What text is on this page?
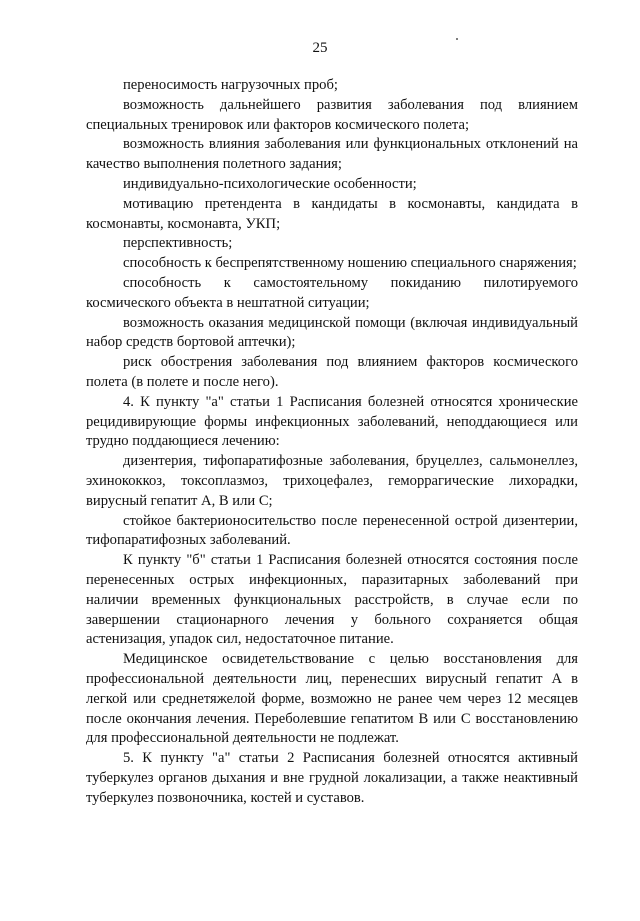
25

переносимость нагрузочных проб;

возможность дальнейшего развития заболевания под влиянием специальных тренировок или факторов космического полета;

возможность влияния заболевания или функциональных отклонений на качество выполнения полетного задания;

индивидуально-психологические особенности;

мотивацию претендента в кандидаты в космонавты, кандидата в космонавты, космонавта, УКП;

перспективность;

способность к беспрепятственному ношению специального снаряжения;

способность к самостоятельному покиданию пилотируемого космического объекта в нештатной ситуации;

возможность оказания медицинской помощи (включая индивидуальный набор средств бортовой аптечки);

риск обострения заболевания под влиянием факторов космического полета (в полете и после него).

4. К пункту "а" статьи 1 Расписания болезней относятся хронические рецидивирующие формы инфекционных заболеваний, неподдающиеся или трудно поддающиеся лечению:

дизентерия, тифопаратифозные заболевания, бруцеллез, сальмонеллез, эхинококкоз, токсоплазмоз, трихоцефалез, геморрагические лихорадки, вирусный гепатит А, В или С;

стойкое бактерионосительство после перенесенной острой дизентерии, тифопаратифозных заболеваний.

К пункту "б" статьи 1 Расписания болезней относятся состояния после перенесенных острых инфекционных, паразитарных заболеваний при наличии временных функциональных расстройств, в случае если по завершении стационарного лечения у больного сохраняется общая астенизация, упадок сил, недостаточное питание.

Медицинское освидетельствование с целью восстановления для профессиональной деятельности лиц, перенесших вирусный гепатит А в легкой или среднетяжелой форме, возможно не ранее чем через 12 месяцев после окончания лечения. Переболевшие гепатитом В или С восстановлению для профессиональной деятельности не подлежат.

5. К пункту "а" статьи 2 Расписания болезней относятся активный туберкулез органов дыхания и вне грудной локализации, а также неактивный туберкулез позвоночника, костей и суставов.
